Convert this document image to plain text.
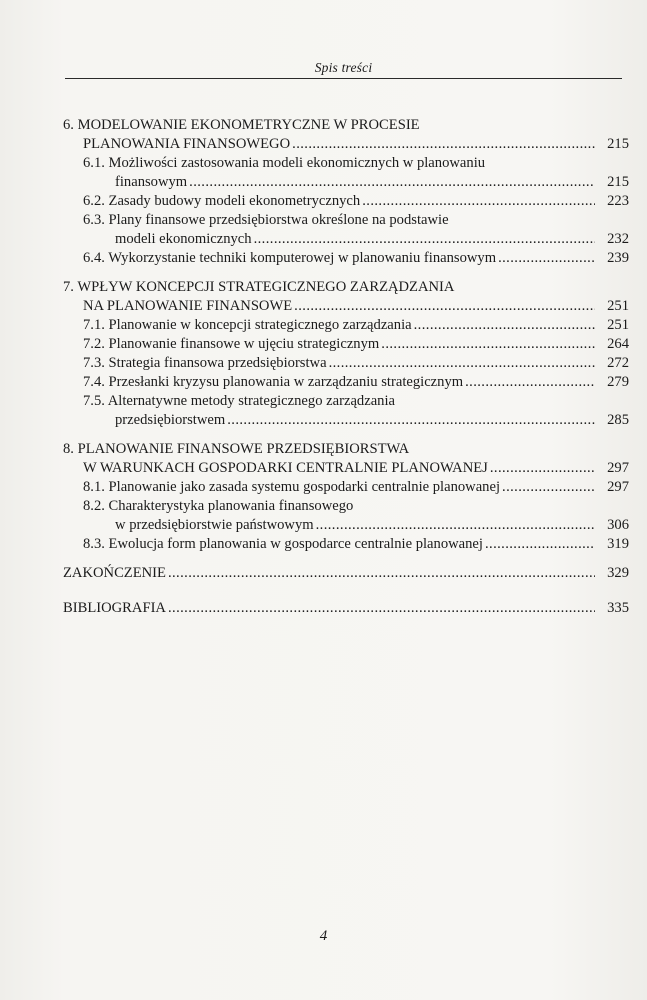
Spis treści
6. MODELOWANIE EKONOMETRYCZNE W PROCESIE
PLANOWANIA FINANSOWEGO .....	215
6.1. Możliwości zastosowania modeli ekonomicznych w planowaniu
finansowym .....	215
6.2. Zasady budowy modeli ekonometrycznych .....	223
6.3. Plany finansowe przedsiębiorstwa określone na podstawie
modeli ekonomicznych .....	232
6.4. Wykorzystanie techniki komputerowej w planowaniu finansowym .....	239
7. WPŁYW KONCEPCJI STRATEGICZNEGO ZARZĄDZANIA
NA PLANOWANIE FINANSOWE .....	251
7.1. Planowanie w koncepcji strategicznego zarządzania .....	251
7.2. Planowanie finansowe w ujęciu strategicznym .....	264
7.3. Strategia finansowa przedsiębiorstwa .....	272
7.4. Przesłanki kryzysu planowania w zarządzaniu strategicznym .....	279
7.5. Alternatywne metody strategicznego zarządzania
przedsiębiorstwem .....	285
8. PLANOWANIE FINANSOWE PRZEDSIĘBIORSTWA
W WARUNKACH GOSPODARKI CENTRALNIE PLANOWANEJ .....	297
8.1. Planowanie jako zasada systemu gospodarki centralnie planowanej .....	297
8.2. Charakterystyka planowania finansowego
w przedsiębiorstwie państwowym .....	306
8.3. Ewolucja form planowania w gospodarce centralnie planowanej .....	319
ZAKOŃCZENIE .....	329
BIBLIOGRAFIA .....	335
4
